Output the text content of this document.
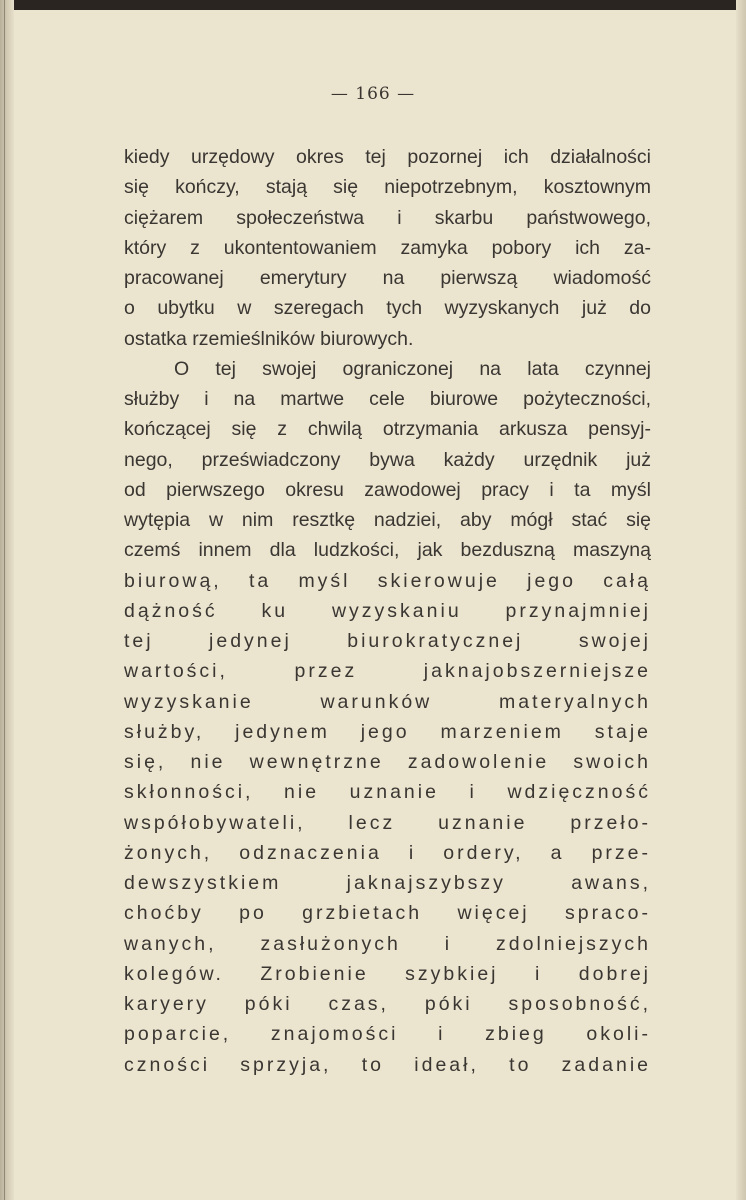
— 166 —

kiedy urzędowy okres tej pozornej ich działalności
się kończy, stają się niepotrzebnym, kosztownym
ciężarem społeczeństwa i skarbu państwowego,
który z ukontentowaniem zamyka pobory ich za-
pracowanej emerytury na pierwszą wiadomość
o ubytku w szeregach tych wyzyskanych już do
ostatka rzemieślników biurowych.
O tej swojej ograniczonej na lata czynnej
służby i na martwe cele biurowe pożyteczności,
kończącej się z chwilą otrzymania arkusza pensyj-
nego, przeświadczony bywa każdy urzędnik już
od pierwszego okresu zawodowej pracy i ta myśl
wytępia w nim resztkę nadziei, aby mógł stać się
czemś innem dla ludzkości, jak bezduszną maszyną
biurową, ta myśl skierowuje jego całą
dążność ku wyzyskaniu przynajmniej
tej jedynej biurokratycznej swojej
wartości, przez jaknajobszerniejsze
wyzyskanie warunków materyalnych
służby, jedynem jego marzeniem staje
się, nie wewnętrzne zadowolenie swoich
skłonności, nie uznanie i wdzięczność
współobywateli, lecz uznanie przeło-
żonych, odznaczenia i ordery, a prze-
dewszystkiem jaknajszybszy awans,
choćby po grzbietach więcej spraco-
wanych, zasłużonych i zdolniejszych
kolegów. Zrobienie szybkiej i dobrej
karyery póki czas, póki sposobność,
poparcie, znajomości i zbieg okoli-
czności sprzyja, to ideał, to zadanie
